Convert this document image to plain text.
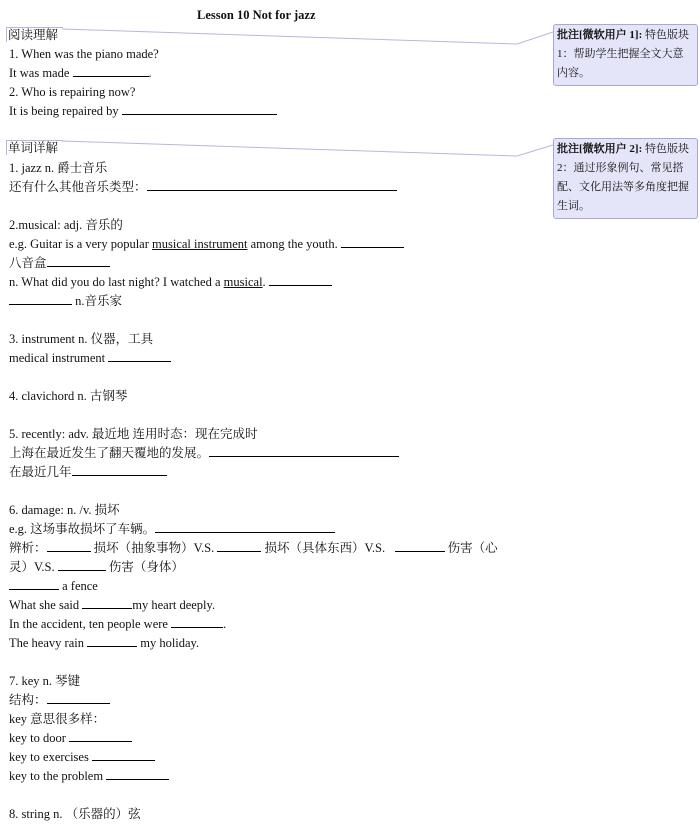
Lesson 10 Not for jazz
阅读理解
1. When was the piano made?
It was made	.
2. Who is repairing now?
It is being repaired by
单词详解
1. jazz n. 爵士音乐
还有什么其他音乐类型：
2.musical: adj. 音乐的
e.g. Guitar is a very popular musical instrument among the youth.
八音盒
n. What did you do last night? I watched a musical.
n.音乐家
3. instrument n. 仪器，工具
medical instrument
4. clavichord n. 古钢琴
5. recently: adv. 最近地 连用时态：现在完成时
上海在最近发生了翻天覆地的发展。
在最近几年
6. damage: n. /v. 损坏
e.g. 这场事故损坏了车辆。
辨析：	损坏（抽象事物）V.S.	损坏（具体东西）V.S.	伤害（心
灵）V.S.	伤害（身体）
a fence
What she said	my heart deeply.
In the accident, ten people were	.
The heavy rain	my holiday.
7. key n. 琴键
结构：
key 意思很多样：
key to door
key to exercises
key to the problem
8. string n. （乐器的）弦
批注[微软用户 1]: 特色版块 1：帮助学生把握全文大意内容。
批注[微软用户 2]: 特色版块 2：通过形象例句、常见搭配、文化用法等多角度把握生词。
